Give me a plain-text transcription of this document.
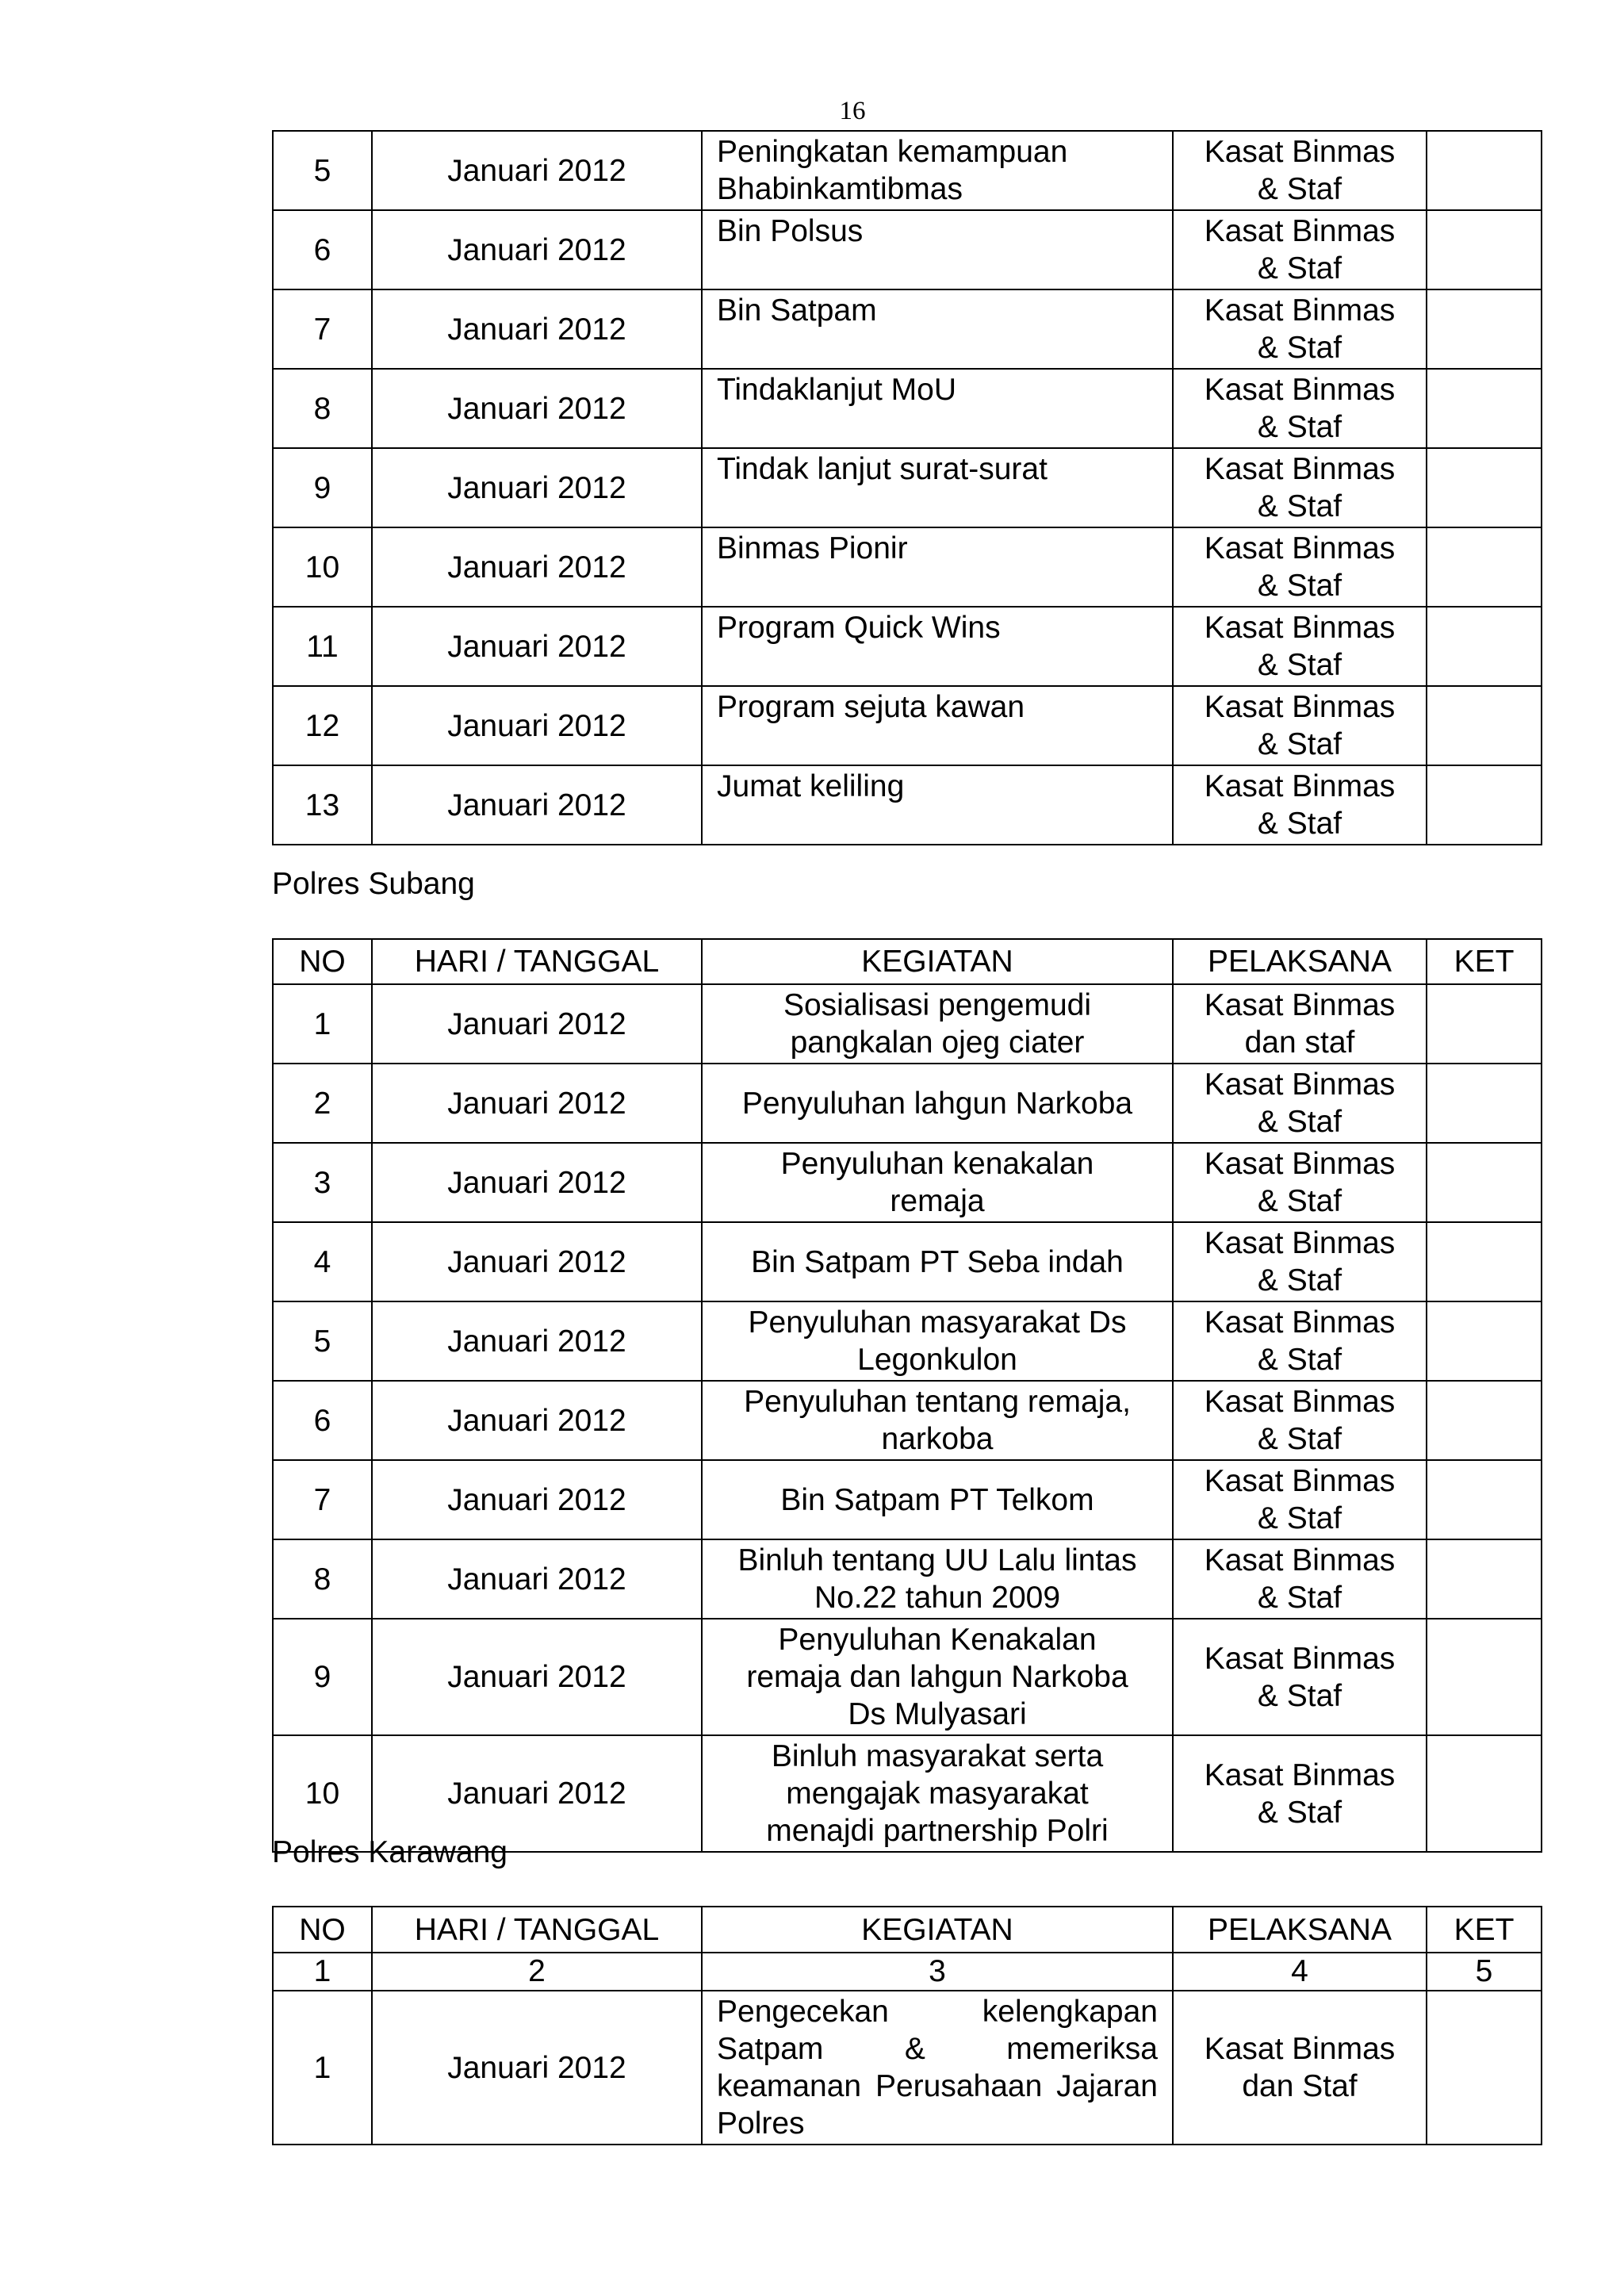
16
5	Januari 2012	Peningkatan kemampuan
Bhabinkamtibmas	Kasat Binmas
& Staf	
6	Januari 2012	Bin Polsus	Kasat Binmas
& Staf	
7	Januari 2012	Bin Satpam	Kasat Binmas
& Staf	
8	Januari 2012	Tindaklanjut MoU	Kasat Binmas
& Staf	
9	Januari 2012	Tindak lanjut surat-surat	Kasat Binmas
& Staf	
10	Januari 2012	Binmas Pionir	Kasat Binmas
& Staf	
11	Januari 2012	Program Quick Wins	Kasat Binmas
& Staf	
12	Januari 2012	Program sejuta kawan	Kasat Binmas
& Staf	
13	Januari 2012	Jumat keliling	Kasat Binmas
& Staf	
Polres Subang
NO	HARI / TANGGAL	KEGIATAN	PELAKSANA	KET
1	Januari 2012	Sosialisasi pengemudi
pangkalan ojeg ciater	Kasat Binmas
dan staf	
2	Januari 2012	Penyuluhan lahgun Narkoba	Kasat Binmas
& Staf	
3	Januari 2012	Penyuluhan kenakalan
remaja	Kasat Binmas
& Staf	
4	Januari 2012	Bin Satpam PT Seba indah	Kasat Binmas
& Staf	
5	Januari 2012	Penyuluhan masyarakat Ds
Legonkulon	Kasat Binmas
& Staf	
6	Januari 2012	Penyuluhan tentang remaja,
narkoba	Kasat Binmas
& Staf	
7	Januari 2012	Bin Satpam PT Telkom	Kasat Binmas
& Staf	
8	Januari 2012	Binluh tentang UU Lalu lintas
No.22 tahun 2009	Kasat Binmas
& Staf	
9	Januari 2012	Penyuluhan Kenakalan
remaja dan lahgun Narkoba
Ds Mulyasari	Kasat Binmas
& Staf	
10	Januari 2012	Binluh masyarakat serta
mengajak masyarakat
menajdi partnership Polri	Kasat Binmas
& Staf	
Polres Karawang
NO	HARI / TANGGAL	KEGIATAN	PELAKSANA	KET
1	2	3	4	5
1	Januari 2012	Pengecekan kelengkapan Satpam & memeriksa keamanan Perusahaan Jajaran Polres	Kasat Binmas
dan Staf	
